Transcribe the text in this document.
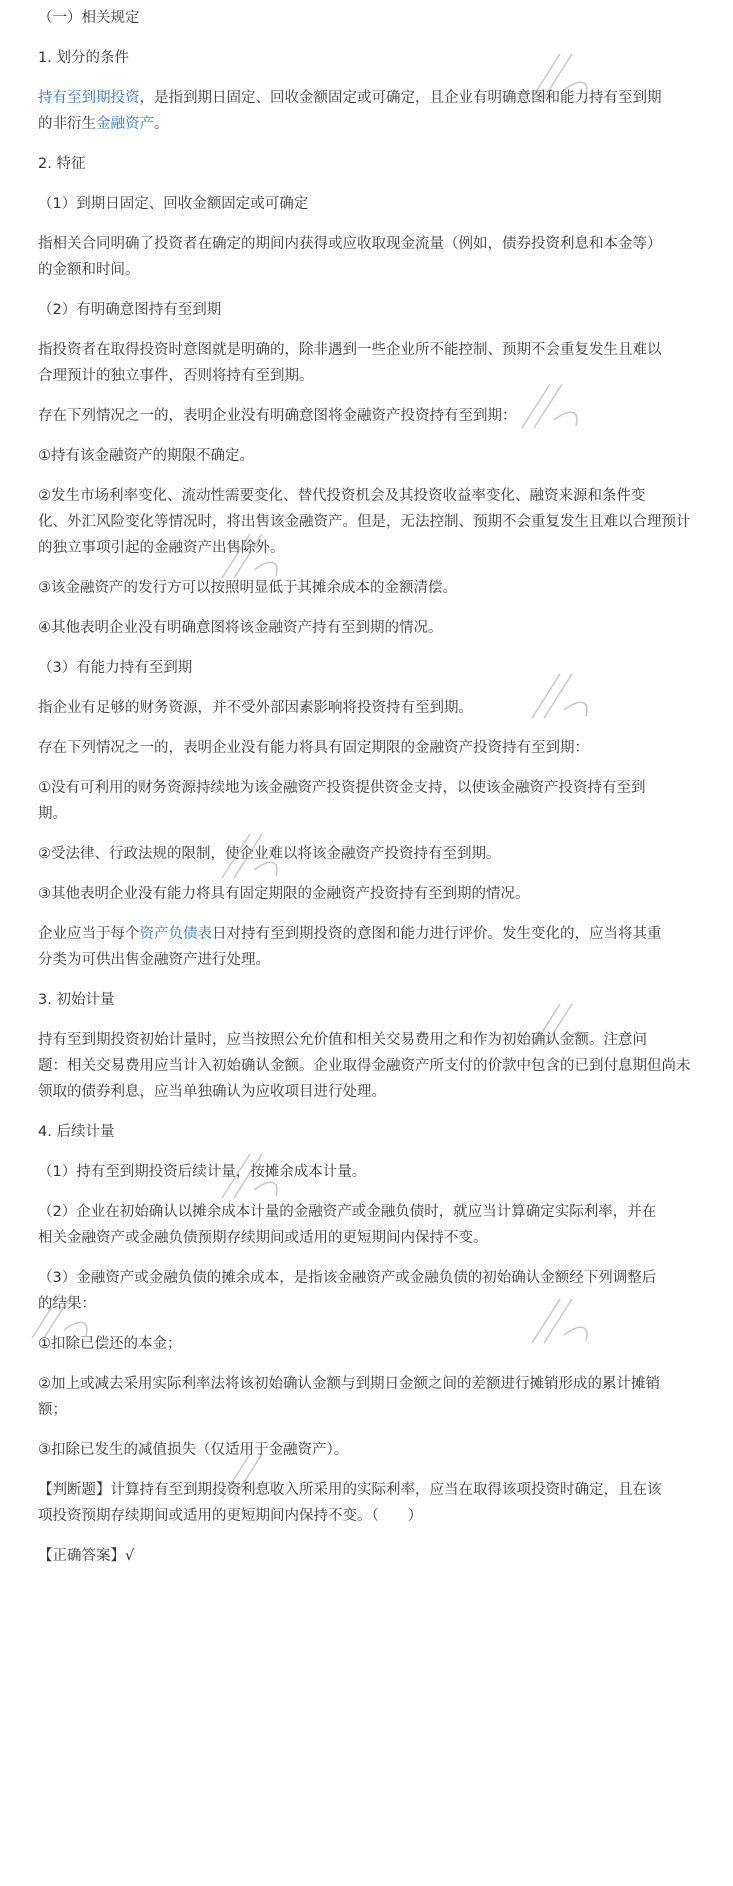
（一）相关规定
1. 划分的条件
持有至到期投资，是指到期日固定、回收金额固定或可确定，且企业有明确意图和能力持有至到期
的非衍生金融资产。
2. 特征
（1）到期日固定、回收金额固定或可确定
指相关合同明确了投资者在确定的期间内获得或应收取现金流量（例如，债券投资利息和本金等）
的金额和时间。
（2）有明确意图持有至到期
指投资者在取得投资时意图就是明确的，除非遇到一些企业所不能控制、预期不会重复发生且难以
合理预计的独立事件，否则将持有至到期。
存在下列情况之一的，表明企业没有明确意图将金融资产投资持有至到期：
①持有该金融资产的期限不确定。
②发生市场利率变化、流动性需要变化、替代投资机会及其投资收益率变化、融资来源和条件变
化、外汇风险变化等情况时，将出售该金融资产。但是，无法控制、预期不会重复发生且难以合理预计
的独立事项引起的金融资产出售除外。
③该金融资产的发行方可以按照明显低于其摊余成本的金额清偿。
④其他表明企业没有明确意图将该金融资产持有至到期的情况。
（3）有能力持有至到期
指企业有足够的财务资源，并不受外部因素影响将投资持有至到期。
存在下列情况之一的，表明企业没有能力将具有固定期限的金融资产投资持有至到期：
①没有可利用的财务资源持续地为该金融资产投资提供资金支持，以使该金融资产投资持有至到
期。
②受法律、行政法规的限制，使企业难以将该金融资产投资持有至到期。
③其他表明企业没有能力将具有固定期限的金融资产投资持有至到期的情况。
企业应当于每个资产负债表日对持有至到期投资的意图和能力进行评价。发生变化的，应当将其重
分类为可供出售金融资产进行处理。
3. 初始计量
持有至到期投资初始计量时，应当按照公允价值和相关交易费用之和作为初始确认金额。注意问
题：相关交易费用应当计入初始确认金额。企业取得金融资产所支付的价款中包含的已到付息期但尚未
领取的债券利息，应当单独确认为应收项目进行处理。
4. 后续计量
（1）持有至到期投资后续计量，按摊余成本计量。
（2）企业在初始确认以摊余成本计量的金融资产或金融负债时，就应当计算确定实际利率，并在
相关金融资产或金融负债预期存续期间或适用的更短期间内保持不变。
（3）金融资产或金融负债的摊余成本，是指该金融资产或金融负债的初始确认金额经下列调整后
的结果：
①扣除已偿还的本金；
②加上或减去采用实际利率法将该初始确认金额与到期日金额之间的差额进行摊销形成的累计摊销
额；
③扣除已发生的减值损失（仅适用于金融资产）。
【判断题】计算持有至到期投资利息收入所采用的实际利率，应当在取得该项投资时确定，且在该
项投资预期存续期间或适用的更短期间内保持不变。（　　）
【正确答案】√
